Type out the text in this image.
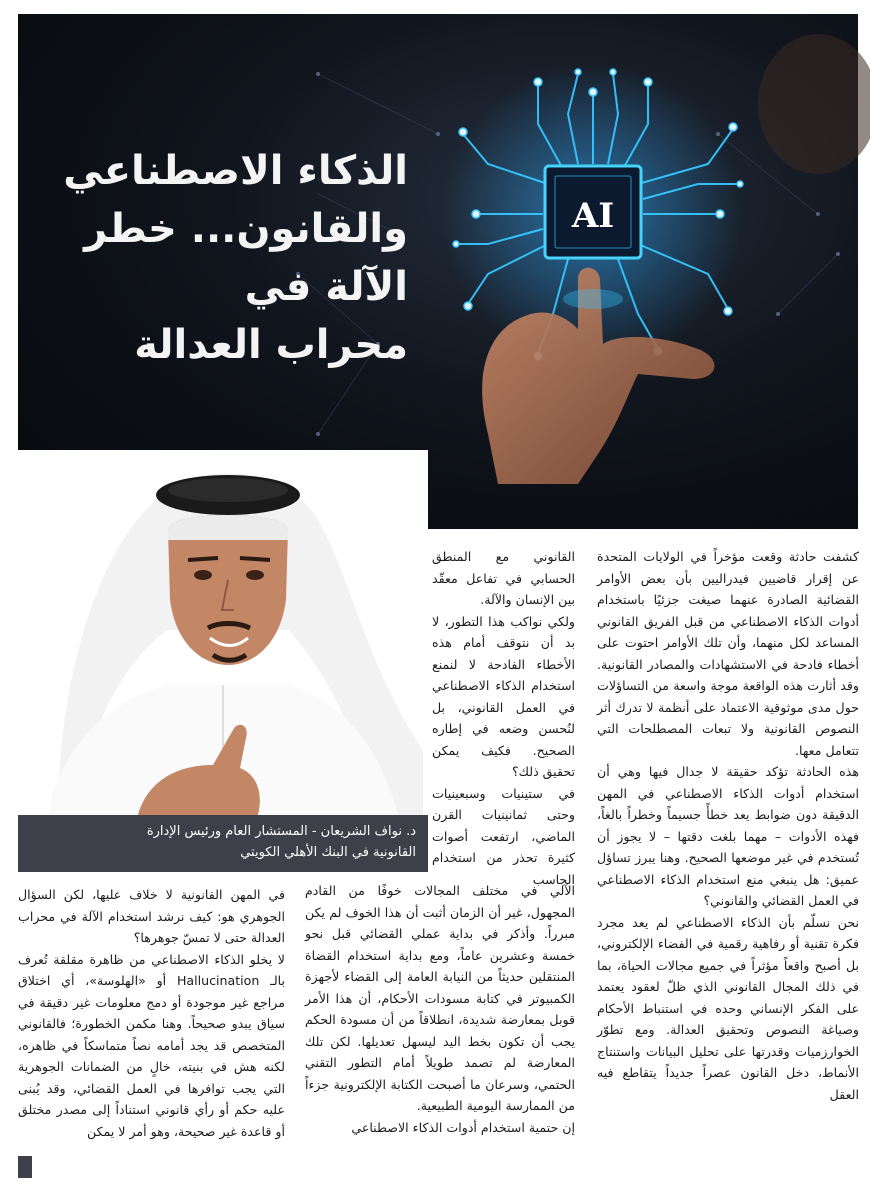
AI
الذكاء الاصطناعي
والقانون... خطر
الآلة في
محراب العدالة
د. نواف الشريعان - المستشار العام ورئيس الإدارة
القانونية في البنك الأهلي الكويتي

كشفت حادثة وقعت مؤخراً في الولايات المتحدة عن إقرار قاضيين فيدراليين بأن بعض الأوامر القضائية الصادرة عنهما صيغت جزئيًا باستخدام أدوات الذكاء الاصطناعي من قبل الفريق القانوني المساعد لكل منهما، وأن تلك الأوامر احتوت على أخطاء فادحة في الاستشهادات والمصادر القانونية. وقد أثارت هذه الواقعة موجة واسعة من التساؤلات حول مدى موثوقية الاعتماد على أنظمة لا تدرك أثر النصوص القانونية ولا تبعات المصطلحات التي تتعامل معها.

هذه الحادثة تؤكد حقيقة لا جدال فيها وهي أن استخدام أدوات الذكاء الاصطناعي في المهن الدقيقة دون ضوابط يعد خطأً جسيماً وخطراً بالغاً، فهذه الأدوات – مهما بلغت دقتها – لا يجوز أن تُستخدم في غير موضعها الصحيح. وهنا يبرز تساؤل عميق: هل ينبغي منع استخدام الذكاء الاصطناعي في العمل القضائي والقانوني؟

نحن نسلّم بأن الذكاء الاصطناعي لم يعد مجرد فكرة تقنية أو رفاهية رقمية في الفضاء الإلكتروني، بل أصبح واقعاً مؤثراً في جميع مجالات الحياة، بما في ذلك المجال القانوني الذي ظلّ لعقود يعتمد على الفكر الإنساني وحده في استنباط الأحكام وصياغة النصوص وتحقيق العدالة. ومع تطوّر الخوارزميات وقدرتها على تحليل البيانات واستنتاج الأنماط، دخل القانون عصراً جديداً يتقاطع فيه العقل

القانوني مع المنطق الحسابي في تفاعل معقّد بين الإنسان والآلة.

ولكي نواكب هذا التطور، لا بد أن نتوقف أمام هذه الأخطاء الفادحة لا لنمنع استخدام الذكاء الاصطناعي في العمل القانوني، بل لنُحسن وضعه في إطاره الصحيح. فكيف يمكن تحقيق ذلك؟

في ستينيات وسبعينيات وحتى ثمانينيات القرن الماضي، ارتفعت أصوات كثيرة تحذر من استخدام الحاسب

الآلي في مختلف المجالات خوفًا من القادم المجهول، غير أن الزمان أثبت أن هذا الخوف لم يكن مبرراً. وأذكر في بداية عملي القضائي قبل نحو خمسة وعشرين عاماً، ومع بداية استخدام القضاة المنتقلين حديثاً من النيابة العامة إلى القضاء لأجهزة الكمبيوتر في كتابة مسودات الأحكام، أن هذا الأمر قوبل بمعارضة شديدة، انطلاقاً من أن مسودة الحكم يجب أن تكون بخط اليد ليسهل تعديلها. لكن تلك المعارضة لم تصمد طويلاً أمام التطور التقني الحتمي، وسرعان ما أصبحت الكتابة الإلكترونية جزءاً من الممارسة اليومية الطبيعية.

إن حتمية استخدام أدوات الذكاء الاصطناعي

في المهن القانونية لا خلاف عليها، لكن السؤال الجوهري هو: كيف نرشد استخدام الآلة في محراب العدالة حتى لا تمسّ جوهرها؟

لا يخلو الذكاء الاصطناعي من ظاهرة مقلقة تُعرف بالـ Hallucination أو «الهلوسة»، أي اختلاق مراجع غير موجودة أو دمج معلومات غير دقيقة في سياق يبدو صحيحاً. وهنا مكمن الخطورة؛ فالقانوني المتخصص قد يجد أمامه نصاً متماسكاً في ظاهره، لكنه هش في بنيته، خالٍ من الضمانات الجوهرية التي يجب توافرها في العمل القضائي، وقد يُبنى عليه حكم أو رأي قانوني استناداً إلى مصدر مختلق أو قاعدة غير صحيحة، وهو أمر لا يمكن
